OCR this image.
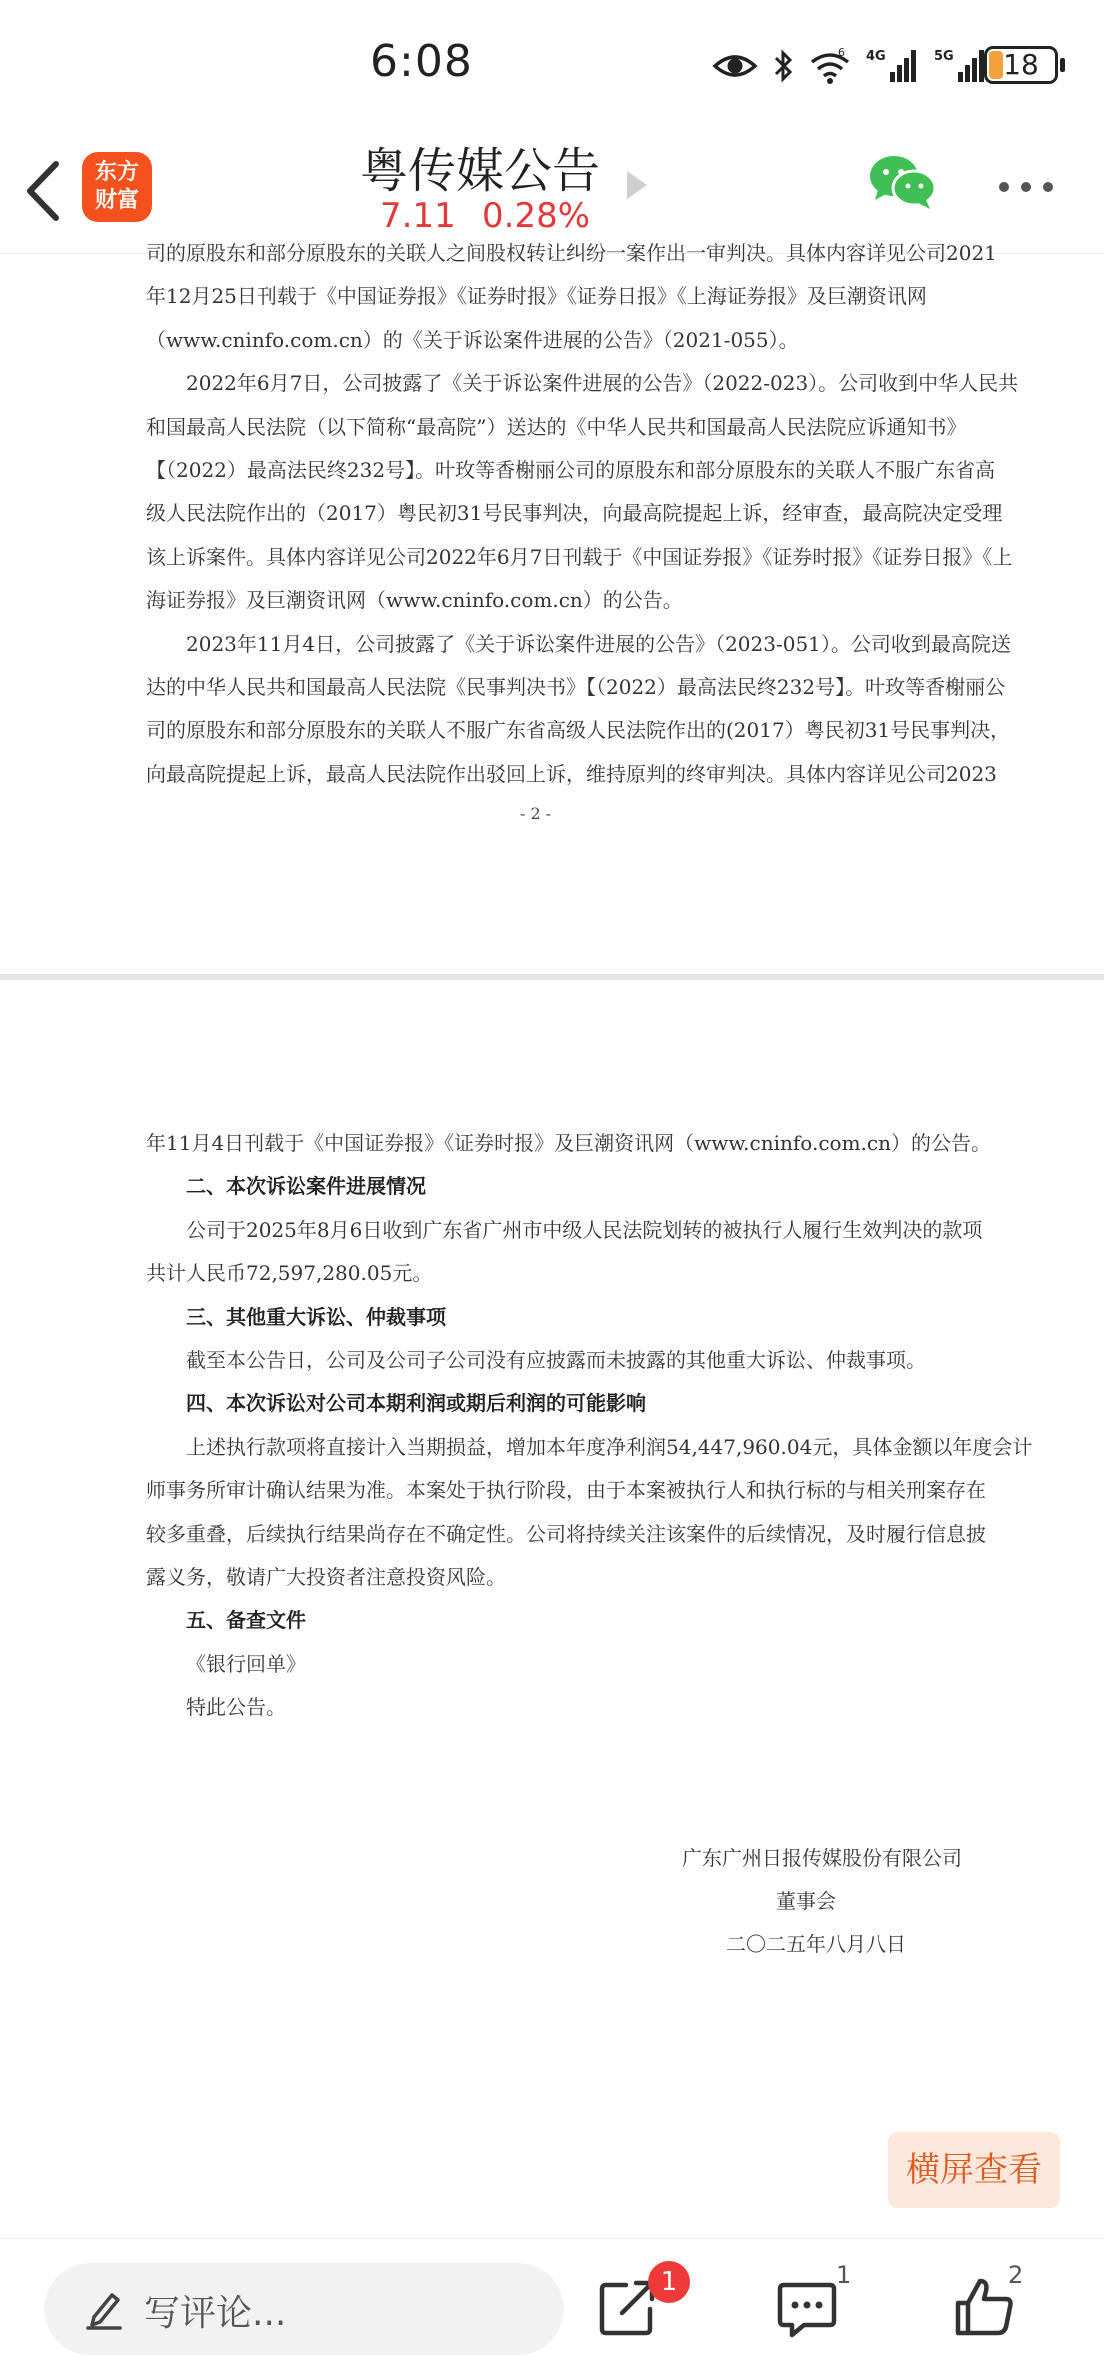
6:08	6 4G	5G	18
东方
财富
粤传媒公告
7.11 0.28%

司的原股东和部分原股东的关联人之间股权转让纠纷一案作出一审判决。具体内容详见公司2021

年12月25日刊载于《中国证券报》《证券时报》《证券日报》《上海证券报》及巨潮资讯网

（www.cninfo.com.cn）的《关于诉讼案件进展的公告》（2021-055）。

2022年6月7日，公司披露了《关于诉讼案件进展的公告》（2022-023）。公司收到中华人民共

和国最高人民法院（以下简称“最高院”）送达的《中华人民共和国最高人民法院应诉通知书》

【（2022）最高法民终232号】。叶玫等香榭丽公司的原股东和部分原股东的关联人不服广东省高

级人民法院作出的（2017）粤民初31号民事判决，向最高院提起上诉，经审查，最高院决定受理

该上诉案件。具体内容详见公司2022年6月7日刊载于《中国证券报》《证券时报》《证券日报》《上

海证券报》及巨潮资讯网（www.cninfo.com.cn）的公告。

2023年11月4日，公司披露了《关于诉讼案件进展的公告》（2023-051）。公司收到最高院送

达的中华人民共和国最高人民法院《民事判决书》【（2022）最高法民终232号】。叶玫等香榭丽公

司的原股东和部分原股东的关联人不服广东省高级人民法院作出的(2017）粤民初31号民事判决，

向最高院提起上诉，最高人民法院作出驳回上诉，维持原判的终审判决。具体内容详见公司2023

- 2 -

年11月4日刊载于《中国证券报》《证券时报》及巨潮资讯网（www.cninfo.com.cn）的公告。

二、本次诉讼案件进展情况

公司于2025年8月6日收到广东省广州市中级人民法院划转的被执行人履行生效判决的款项

共计人民币72,597,280.05元。

三、其他重大诉讼、仲裁事项

截至本公告日，公司及公司子公司没有应披露而未披露的其他重大诉讼、仲裁事项。

四、本次诉讼对公司本期利润或期后利润的可能影响

上述执行款项将直接计入当期损益，增加本年度净利润54,447,960.04元，具体金额以年度会计

师事务所审计确认结果为准。本案处于执行阶段，由于本案被执行人和执行标的与相关刑案存在

较多重叠，后续执行结果尚存在不确定性。公司将持续关注该案件的后续情况，及时履行信息披

露义务，敬请广大投资者注意投资风险。

五、备查文件

《银行回单》

特此公告。

广东广州日报传媒股份有限公司
董事会
二〇二五年八月八日
横屏查看
写评论...
1	1	2
